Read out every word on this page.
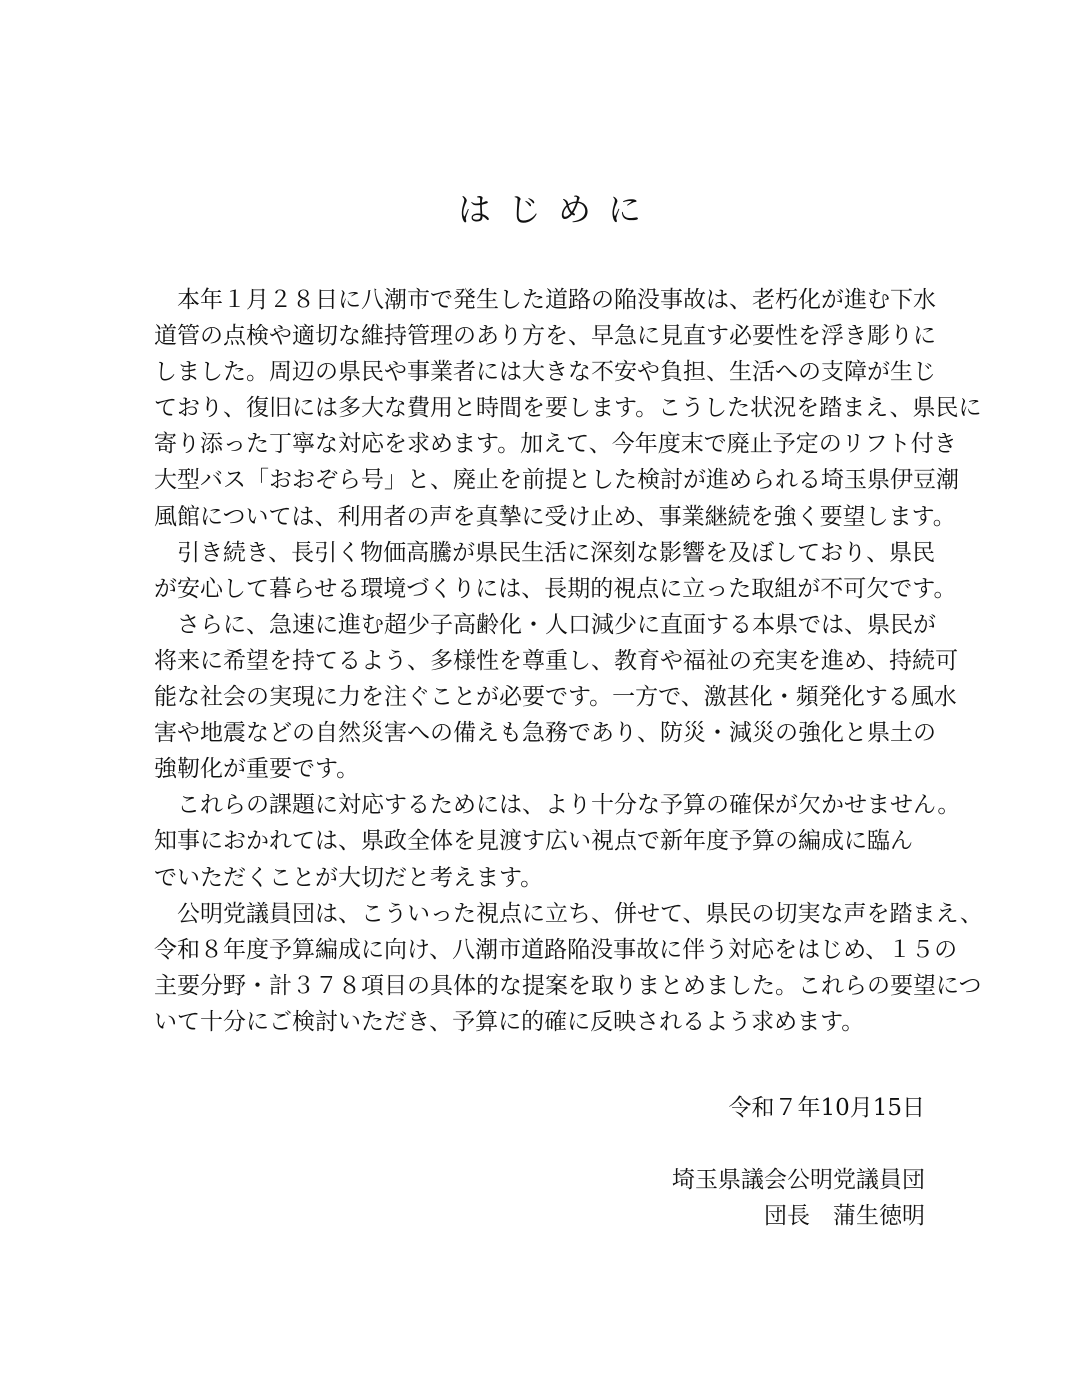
はじめに
　本年１月２８日に八潮市で発生した道路の陥没事故は、老朽化が進む下水
道管の点検や適切な維持管理のあり方を、早急に見直す必要性を浮き彫りに
しました。周辺の県民や事業者には大きな不安や負担、生活への支障が生じ
ており、復旧には多大な費用と時間を要します。こうした状況を踏まえ、県民に
寄り添った丁寧な対応を求めます。加えて、今年度末で廃止予定のリフト付き
大型バス「おおぞら号」と、廃止を前提とした検討が進められる埼玉県伊豆潮
風館については、利用者の声を真摯に受け止め、事業継続を強く要望します。
　引き続き、長引く物価高騰が県民生活に深刻な影響を及ぼしており、県民
が安心して暮らせる環境づくりには、長期的視点に立った取組が不可欠です。
　さらに、急速に進む超少子高齢化・人口減少に直面する本県では、県民が
将来に希望を持てるよう、多様性を尊重し、教育や福祉の充実を進め、持続可
能な社会の実現に力を注ぐことが必要です。一方で、激甚化・頻発化する風水
害や地震などの自然災害への備えも急務であり、防災・減災の強化と県土の
強靭化が重要です。
　これらの課題に対応するためには、より十分な予算の確保が欠かせません。
知事におかれては、県政全体を見渡す広い視点で新年度予算の編成に臨ん
でいただくことが大切だと考えます。
　公明党議員団は、こういった視点に立ち、併せて、県民の切実な声を踏まえ、
令和８年度予算編成に向け、八潮市道路陥没事故に伴う対応をはじめ、１５の
主要分野・計３７８項目の具体的な提案を取りまとめました。これらの要望につ
いて十分にご検討いただき、予算に的確に反映されるよう求めます。
令和７年10月15日
埼玉県議会公明党議員団
団長　蒲生徳明
